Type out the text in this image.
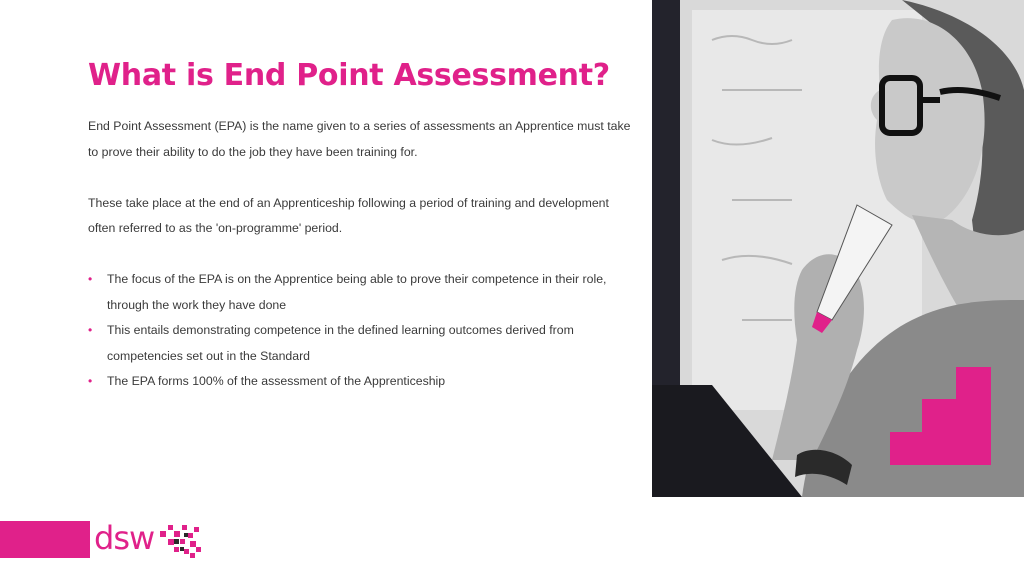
What is End Point Assessment?

End Point Assessment (EPA) is the name given to a series of assessments an Apprentice must take to prove their ability to do the job they have been training for.

These take place at the end of an Apprenticeship following a period of training and development often referred to as the 'on-programme' period.

• The focus of the EPA is on the Apprentice being able to prove their competence in their role, through the work they have done
• This entails demonstrating competence in the defined learning outcomes derived from competencies set out in the Standard
• The EPA forms 100% of the assessment of the Apprenticeship
dsw
